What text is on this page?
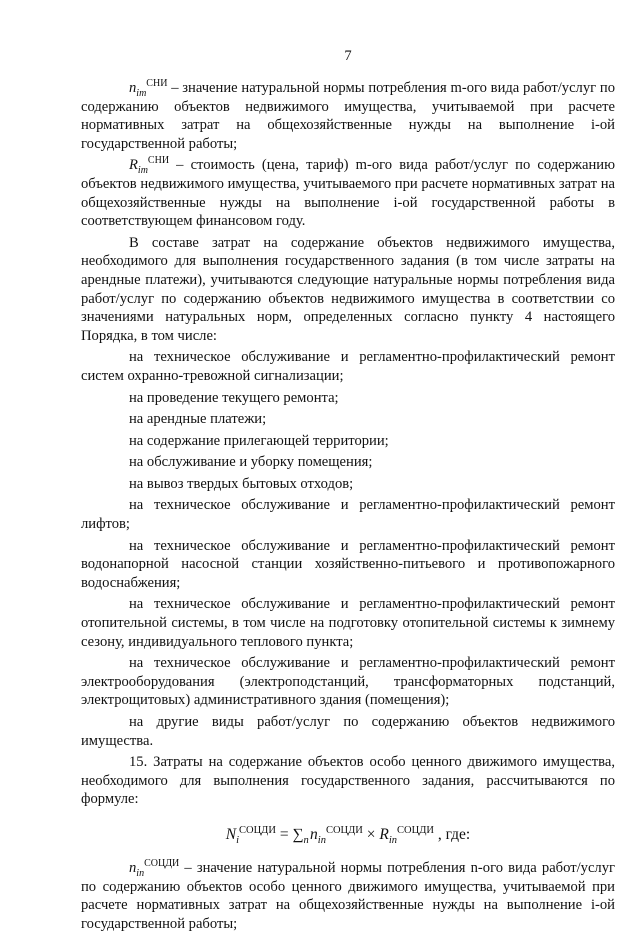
7

$n_{im}^{СНИ}$ – значение натуральной нормы потребления m-ого вида работ/услуг по содержанию объектов недвижимого имущества, учитываемой при расчете нормативных затрат на общехозяйственные нужды на выполнение i-ой государственной работы;

$R_{im}^{СНИ}$ – стоимость (цена, тариф) m-ого вида работ/услуг по содержанию объектов недвижимого имущества, учитываемого при расчете нормативных затрат на общехозяйственные нужды на выполнение i-ой государственной работы в соответствующем финансовом году.

В составе затрат на содержание объектов недвижимого имущества, необходимого для выполнения государственного задания (в том числе затраты на арендные платежи), учитываются следующие натуральные нормы потребления вида работ/услуг по содержанию объектов недвижимого имущества в соответствии со значениями натуральных норм, определенных согласно пункту 4 настоящего Порядка, в том числе:

на техническое обслуживание и регламентно-профилактический ремонт систем охранно-тревожной сигнализации;

на проведение текущего ремонта;

на арендные платежи;

на содержание прилегающей территории;

на обслуживание и уборку помещения;

на вывоз твердых бытовых отходов;

на техническое обслуживание и регламентно-профилактический ремонт лифтов;

на техническое обслуживание и регламентно-профилактический ремонт водонапорной насосной станции хозяйственно-питьевого и противопожарного водоснабжения;

на техническое обслуживание и регламентно-профилактический ремонт отопительной системы, в том числе на подготовку отопительной системы к зимнему сезону, индивидуального теплового пункта;

на техническое обслуживание и регламентно-профилактический ремонт электрооборудования (электроподстанций, трансформаторных подстанций, электрощитовых) административного здания (помещения);

на другие виды работ/услуг по содержанию объектов недвижимого имущества.

15. Затраты на содержание объектов особо ценного движимого имущества, необходимого для выполнения государственного задания, рассчитываются по формуле:

$N_i^{СОЦДИ} = \sum_n$ $n_{in}^{СОЦДИ} \times R_{in}^{СОЦДИ}$ , где:

$n_{in}^{СОЦДИ}$ – значение натуральной нормы потребления n-ого вида работ/услуг по содержанию объектов особо ценного движимого имущества, учитываемой при расчете нормативных затрат на общехозяйственные нужды на выполнение i-ой государственной работы;
